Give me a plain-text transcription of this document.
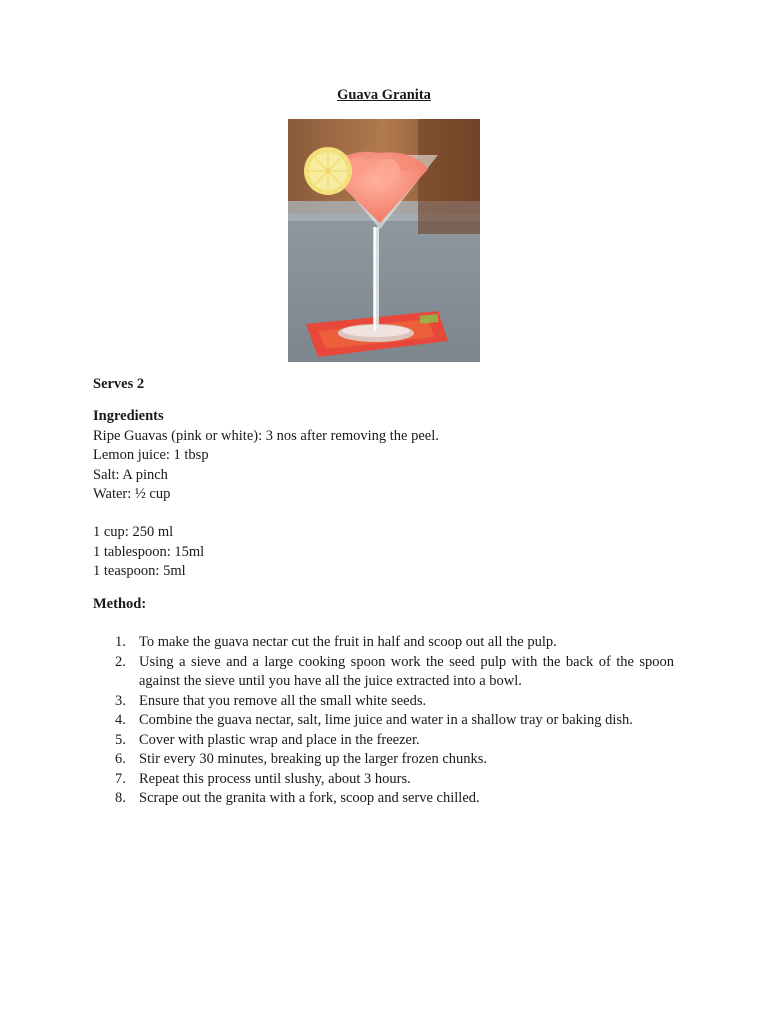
Guava Granita
Serves 2
Ingredients
Ripe Guavas (pink or white): 3 nos after removing the peel.
Lemon juice: 1 tbsp
Salt: A pinch
Water: ½ cup
1 cup: 250 ml
1 tablespoon: 15ml
1 teaspoon: 5ml
Method:
1. To make the guava nectar cut the fruit in half and scoop out all the pulp.
2. Using a sieve and a large cooking spoon work the seed pulp with the back of the spoon against the sieve until you have all the juice extracted into a bowl.
3. Ensure that you remove all the small white seeds.
4. Combine the guava nectar, salt, lime juice and water in a shallow tray or baking dish.
5. Cover with plastic wrap and place in the freezer.
6. Stir every 30 minutes, breaking up the larger frozen chunks.
7. Repeat this process until slushy, about 3 hours.
8. Scrape out the granita with a fork, scoop and serve chilled.
